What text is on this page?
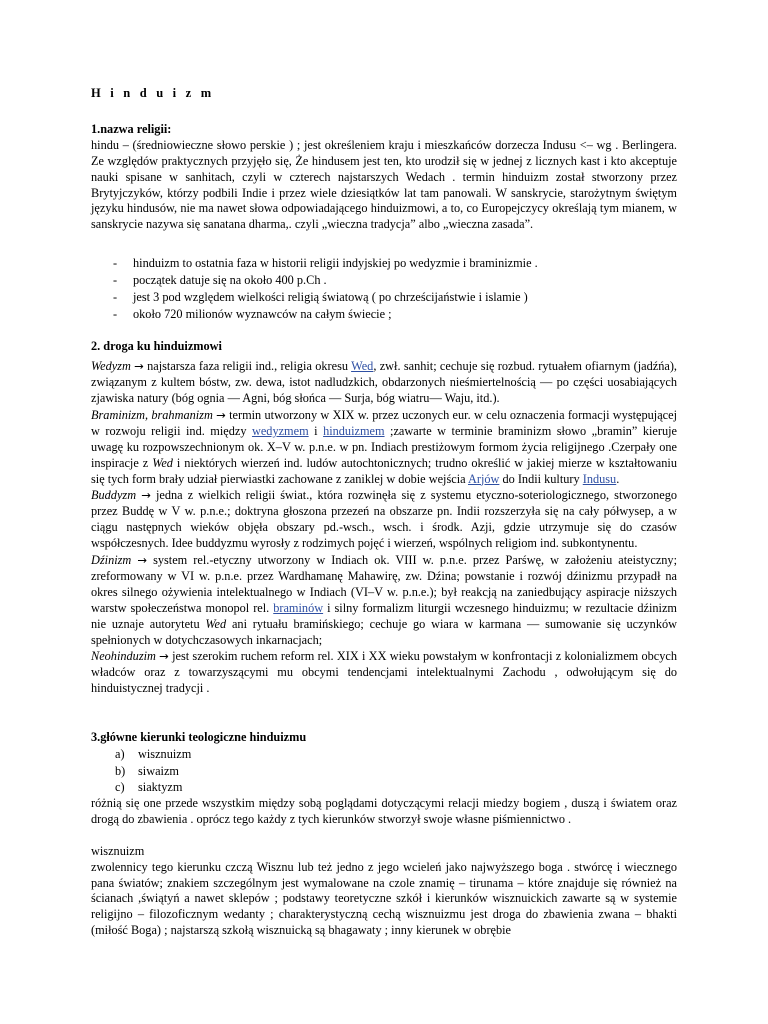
H i n d u i z m

1.nazwa religii:

hindu – (średniowieczne słowo perskie ) ; jest określeniem kraju i mieszkańców dorzecza Indusu <– wg . Berlingera. Ze względów praktycznych przyjęło się, Że hindusem jest ten, kto urodził się w jednej z licznych kast i kto akceptuje nauki spisane w sanhitach, czyli w czterech najstarszych Wedach . termin hinduizm został stworzony przez Brytyjczyków, którzy podbili Indie i przez wiele dziesiątków lat tam panowali. W sanskrycie, starożytnym świętym języku hindusów, nie ma nawet słowa odpowiadającego hinduizmowi, a to, co Europejczycy określają tym mianem, w sanskrycie nazywa się sanatana dharma,. czyli „wieczna tradycja” albo „wieczna zasada”.

- hinduizm to ostatnia faza w historii religii indyjskiej po wedyzmie i braminizmie .
- początek datuje się na około 400 p.Ch .
- jest 3 pod względem wielkości religią światową ( po chrześcijaństwie i islamie )
- około 720 milionów wyznawców na całym świecie ;

2. droga ku hinduizmowi

Wedyzm → najstarsza faza religii ind., religia okresu Wed, zwł. sanhit; cechuje się rozbud. rytuałem ofiarnym (jadźńa), związanym z kultem bóstw, zw. dewa, istot nadludzkich, obdarzonych nieśmiertelnością — po części uosabiających zjawiska natury (bóg ognia — Agni, bóg słońca — Surja, bóg wiatru— Waju, itd.).

Braminizm, brahmanizm → termin utworzony w XIX w. przez uczonych eur. w celu oznaczenia formacji występującej w rozwoju religii ind. między wedyzmem i hinduizmem ;zawarte w terminie braminizm słowo „bramin” kieruje uwagę ku rozpowszechnionym ok. X–V w. p.n.e. w pn. Indiach prestiżowym formom życia religijnego .Czerpały one inspiracje z Wed i niektórych wierzeń ind. ludów autochtonicznych; trudno określić w jakiej mierze w kształtowaniu się tych form brały udział pierwiastki zachowane z zaniklej w dobie wejścia Arjów do Indii kultury Indusu.

Buddyzm → jedna z wielkich religii świat., która rozwinęła się z systemu etyczno-soteriologicznego, stworzonego przez Buddę w V w. p.n.e.; doktryna głoszona przezeń na obszarze pn. Indii rozszerzyła się na cały półwysep, a w ciągu następnych wieków objęła obszary pd.-wsch., wsch. i środk. Azji, gdzie utrzymuje się do czasów współczesnych. Idee buddyzmu wyrosły z rodzimych pojęć i wierzeń, wspólnych religiom ind. subkontynentu.

Dźinizm → system rel.-etyczny utworzony w Indiach ok. VIII w. p.n.e. przez Parśwę, w założeniu ateistyczny; zreformowany w VI w. p.n.e. przez Wardhamanę Mahawirę, zw. Dźina; powstanie i rozwój dźinizmu przypadł na okres silnego ożywienia intelektualnego w Indiach (VI–V w. p.n.e.); był reakcją na zaniedbujący aspiracje niższych warstw społeczeństwa monopol rel. braminów i silny formalizm liturgii wczesnego hinduizmu; w rezultacie dźinizm nie uznaje autorytetu Wed ani rytuału bramińskiego; cechuje go wiara w karmana — sumowanie się uczynków spełnionych w dotychczasowych inkarnacjach;

Neohinduzim → jest szerokim ruchem reform rel. XIX i XX wieku powstałym w konfrontacji z kolonializmem obcych władców oraz z towarzyszącymi mu obcymi tendencjami intelektualnymi Zachodu , odwołującym się do hinduistycznej tradycji .

3.główne kierunki teologiczne hinduizmu

a) wisznuizm
b) siwaizm
c) siaktyzm

różnią się one przede wszystkim między sobą poglądami dotyczącymi relacji miedzy bogiem , duszą i światem oraz drogą do zbawienia . oprócz tego każdy z tych kierunków stworzył swoje własne piśmiennictwo .

wisznuizm

zwolennicy tego kierunku czczą Wisznu lub też jedno z jego wcieleń jako najwyższego boga . stwórcę i wiecznego pana światów; znakiem szczególnym jest wymalowane na czole znamię – tirunama – które znajduje się również na ścianach ,świątyń a nawet sklepów ; podstawy teoretyczne szkół i kierunków wisznuickich zawarte są w systemie religijno – filozoficznym wedanty ; charakterystyczną cechą wisznuizmu jest droga do zbawienia zwana – bhakti (miłość Boga) ; najstarszą szkołą wisznuicką są bhagawaty ; inny kierunek w obrębie
